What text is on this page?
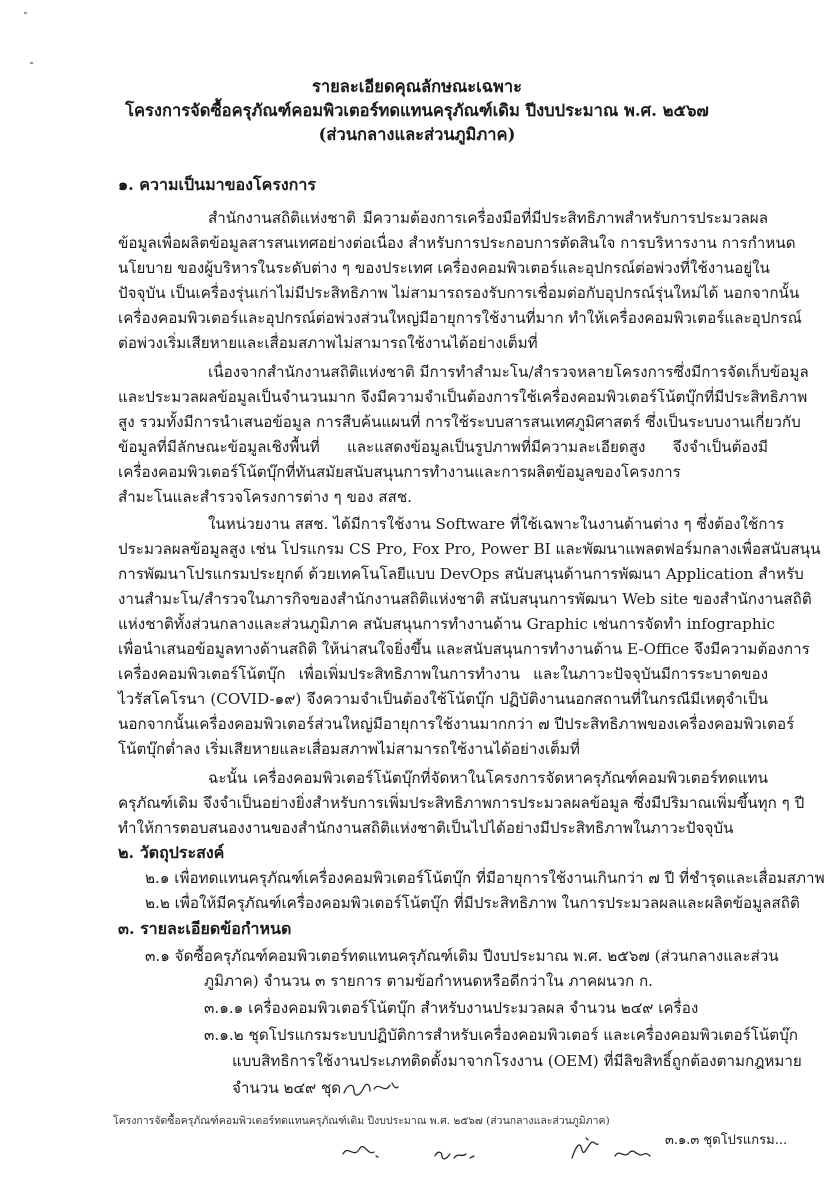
รายละเอียดคุณลักษณะเฉพาะ
โครงการจัดซื้อครุภัณฑ์คอมพิวเตอร์ทดแทนครุภัณฑ์เดิม ปีงบประมาณ พ.ศ. ๒๕๖๗
(ส่วนกลางและส่วนภูมิภาค)
๑. ความเป็นมาของโครงการ
สำนักงานสถิติแห่งชาติ มีความต้องการเครื่องมือที่มีประสิทธิภาพสำหรับการประมวลผล
ข้อมูลเพื่อผลิตข้อมูลสารสนเทศอย่างต่อเนื่อง สำหรับการประกอบการตัดสินใจ การบริหารงาน การกำหนด
นโยบาย ของผู้บริหารในระดับต่าง ๆ ของประเทศ เครื่องคอมพิวเตอร์และอุปกรณ์ต่อพ่วงที่ใช้งานอยู่ใน
ปัจจุบัน เป็นเครื่องรุ่นเก่าไม่มีประสิทธิภาพ ไม่สามารถรองรับการเชื่อมต่อกับอุปกรณ์รุ่นใหม่ได้ นอกจากนั้น
เครื่องคอมพิวเตอร์และอุปกรณ์ต่อพ่วงส่วนใหญ่มีอายุการใช้งานที่มาก ทำให้เครื่องคอมพิวเตอร์และอุปกรณ์
ต่อพ่วงเริ่มเสียหายและเสื่อมสภาพไม่สามารถใช้งานได้อย่างเต็มที่
เนื่องจากสำนักงานสถิติแห่งชาติ มีการทำสำมะโน/สำรวจหลายโครงการซึ่งมีการจัดเก็บข้อมูล
และประมวลผลข้อมูลเป็นจำนวนมาก จึงมีความจำเป็นต้องการใช้เครื่องคอมพิวเตอร์โน้ตบุ๊กที่มีประสิทธิภาพ
สูง รวมทั้งมีการนำเสนอข้อมูล การสืบค้นแผนที่ การใช้ระบบสารสนเทศภูมิศาสตร์ ซึ่งเป็นระบบงานเกี่ยวกับ
ข้อมูลที่มีลักษณะข้อมูลเชิงพื้นที่ และแสดงข้อมูลเป็นรูปภาพที่มีความละเอียดสูง จึงจำเป็นต้องมี
เครื่องคอมพิวเตอร์โน้ตบุ๊กที่ทันสมัยสนับสนุนการทำงานและการผลิตข้อมูลของโครงการ
สำมะโนและสำรวจโครงการต่าง ๆ ของ สสช.
ในหน่วยงาน สสช. ได้มีการใช้งาน Software ที่ใช้เฉพาะในงานด้านต่าง ๆ ซึ่งต้องใช้การ
ประมวลผลข้อมูลสูง เช่น โปรแกรม CS Pro, Fox Pro, Power BI และพัฒนาแพลตฟอร์มกลางเพื่อสนับสนุน
การพัฒนาโปรแกรมประยุกต์ ด้วยเทคโนโลยีแบบ DevOps สนับสนุนด้านการพัฒนา Application สำหรับ
งานสำมะโน/สำรวจในภารกิจของสำนักงานสถิติแห่งชาติ สนับสนุนการพัฒนา Web site ของสำนักงานสถิติ
แห่งชาติทั้งส่วนกลางและส่วนภูมิภาค สนับสนุนการทำงานด้าน Graphic เช่นการจัดทำ infographic
เพื่อนำเสนอข้อมูลทางด้านสถิติ ให้น่าสนใจยิ่งขึ้น และสนับสนุนการทำงานด้าน E-Office จึงมีความต้องการ
เครื่องคอมพิวเตอร์โน้ตบุ๊ก เพื่อเพิ่มประสิทธิภาพในการทำงาน และในภาวะปัจจุบันมีการระบาดของ
ไวรัสโคโรนา (COVID-๑๙) จึงความจำเป็นต้องใช้โน้ตบุ๊ก ปฏิบัติงานนอกสถานที่ในกรณีมีเหตุจำเป็น
นอกจากนั้นเครื่องคอมพิวเตอร์ส่วนใหญ่มีอายุการใช้งานมากกว่า ๗ ปีประสิทธิภาพของเครื่องคอมพิวเตอร์
โน้ตบุ๊กต่ำลง เริ่มเสียหายและเสื่อมสภาพไม่สามารถใช้งานได้อย่างเต็มที่
ฉะนั้น เครื่องคอมพิวเตอร์โน้ตบุ๊กที่จัดหาในโครงการจัดหาครุภัณฑ์คอมพิวเตอร์ทดแทน
ครุภัณฑ์เดิม จึงจำเป็นอย่างยิ่งสำหรับการเพิ่มประสิทธิภาพการประมวลผลข้อมูล ซึ่งมีปริมาณเพิ่มขึ้นทุก ๆ ปี
ทำให้การตอบสนองงานของสำนักงานสถิติแห่งชาติเป็นไปได้อย่างมีประสิทธิภาพในภาวะปัจจุบัน
๒. วัตถุประสงค์
๒.๑ เพื่อทดแทนครุภัณฑ์เครื่องคอมพิวเตอร์โน้ตบุ๊ก ที่มีอายุการใช้งานเกินกว่า ๗ ปี ที่ชำรุดและเสื่อมสภาพ
๒.๒ เพื่อให้มีครุภัณฑ์เครื่องคอมพิวเตอร์โน้ตบุ๊ก ที่มีประสิทธิภาพ ในการประมวลผลและผลิตข้อมูลสถิติ
๓. รายละเอียดข้อกำหนด
๓.๑ จัดซื้อครุภัณฑ์คอมพิวเตอร์ทดแทนครุภัณฑ์เดิม ปีงบประมาณ พ.ศ. ๒๕๖๗ (ส่วนกลางและส่วน
ภูมิภาค) จำนวน ๓ รายการ ตามข้อกำหนดหรือดีกว่าใน ภาคผนวก ก.
๓.๑.๑ เครื่องคอมพิวเตอร์โน้ตบุ๊ก สำหรับงานประมวลผล จำนวน ๒๔๙ เครื่อง
๓.๑.๒ ชุดโปรแกรมระบบปฏิบัติการสำหรับเครื่องคอมพิวเตอร์ และเครื่องคอมพิวเตอร์โน้ตบุ๊ก
แบบสิทธิการใช้งานประเภทติดตั้งมาจากโรงงาน (OEM) ที่มีลิขสิทธิ์ถูกต้องตามกฎหมาย
จำนวน ๒๔๙ ชุด
โครงการจัดซื้อครุภัณฑ์คอมพิวเตอร์ทดแทนครุภัณฑ์เดิม ปีงบประมาณ พ.ศ. ๒๕๖๗ (ส่วนกลางและส่วนภูมิภาค)
๓.๑.๓ ชุดโปรแกรม...
